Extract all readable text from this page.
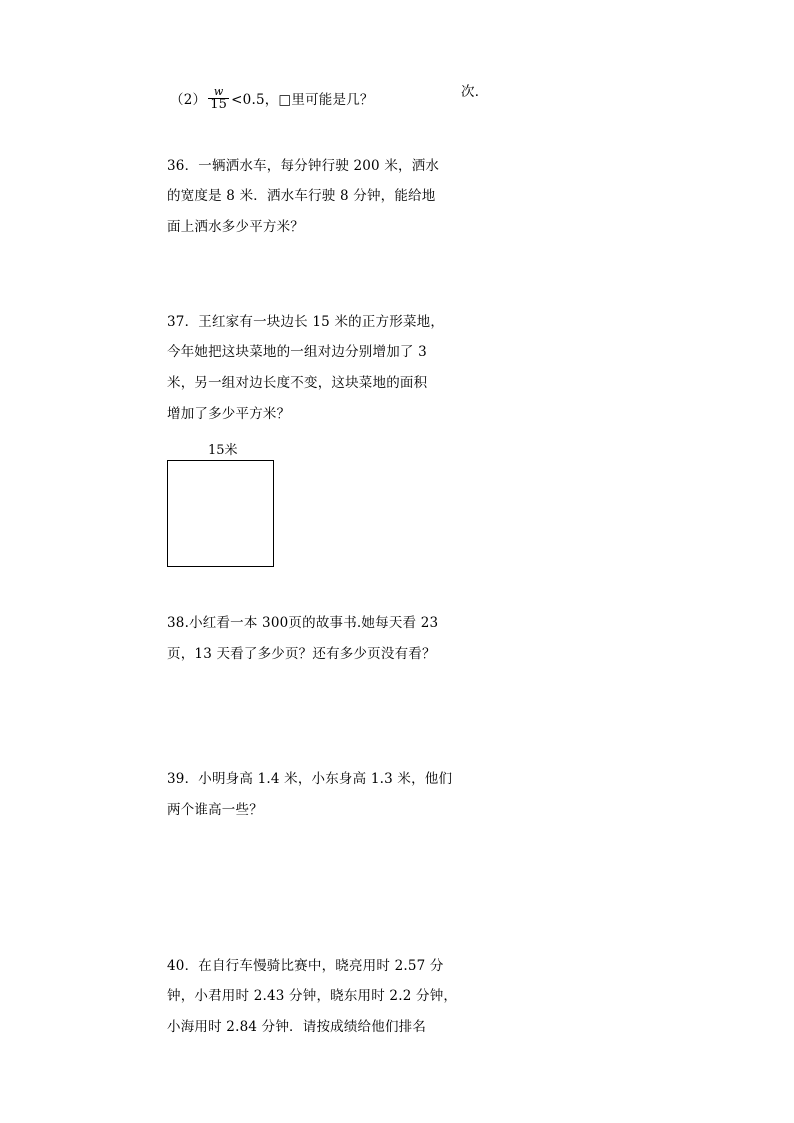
$(2) \frac{w}{15} <0.5$，□里可能是几？	次．
36．一辆洒水车，每分钟行驶 200 米，洒水
的宽度是 8 米．洒水车行驶 8 分钟，能给地
面上洒水多少平方米？
37．王红家有一块边长 15 米的正方形菜地，
今年她把这块菜地的一组对边分别增加了 3
米，另一组对边长度不变，这块菜地的面积
增加了多少平方米？
15米
38.小红看一本 300页的故事书.她每天看 23
页，13 天看了多少页？还有多少页没有看？
39．小明身高 1.4 米，小东身高 1.3 米，他们
两个谁高一些？
40．在自行车慢骑比赛中，晓亮用时 2.57 分
钟，小君用时 2.43 分钟，晓东用时 2.2 分钟，
小海用时 2.84 分钟．请按成绩给他们排名
